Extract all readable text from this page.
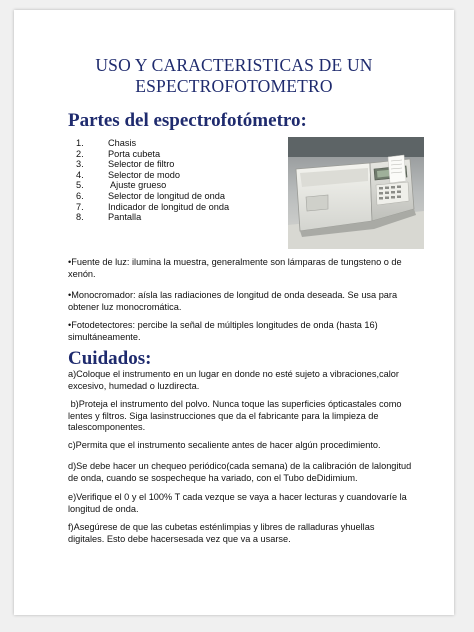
USO Y CARACTERISTICAS DE UN
ESPECTROFOTOMETRO
Partes del espectrofotómetro:
1.	Chasis
2.	Porta cubeta
3.	Selector de filtro
4.	Selector de modo
5.	Ajuste grueso
6.	Selector de longitud de onda
7.	Indicador de longitud de onda
8.	Pantalla

•Fuente de luz: ilumina la muestra, generalmente son lámparas de tungsteno o de xenón.

•Monocromador: aísla las radiaciones de longitud de onda deseada. Se usa para obtener luz monocromática.

•Fotodetectores: percibe la señal de múltiples longitudes de onda (hasta 16) simultáneamente.

Cuidados:

a)Coloque el instrumento en un lugar en donde no esté sujeto a vibraciones,calor excesivo, humedad o luzdirecta.

b)Proteja el instrumento del polvo. Nunca toque las superficies ópticastales como lentes y filtros. Siga lasinstrucciones que da el fabricante para la limpieza de talescomponentes.

c)Permita que el instrumento secaliente antes de hacer algún procedimiento.

d)Se debe hacer un chequeo periódico(cada semana) de la calibración de lalongitud de onda, cuando se sospecheque ha variado, con el Tubo deDidimium.

e)Verifique el 0 y el 100% T cada vezque se vaya a hacer lecturas y cuandovaríe la longitud de onda.

f)Asegúrese de que las cubetas esténlimpias y libres de ralladuras yhuellas digitales. Esto debe hacersesada vez que va a usarse.
